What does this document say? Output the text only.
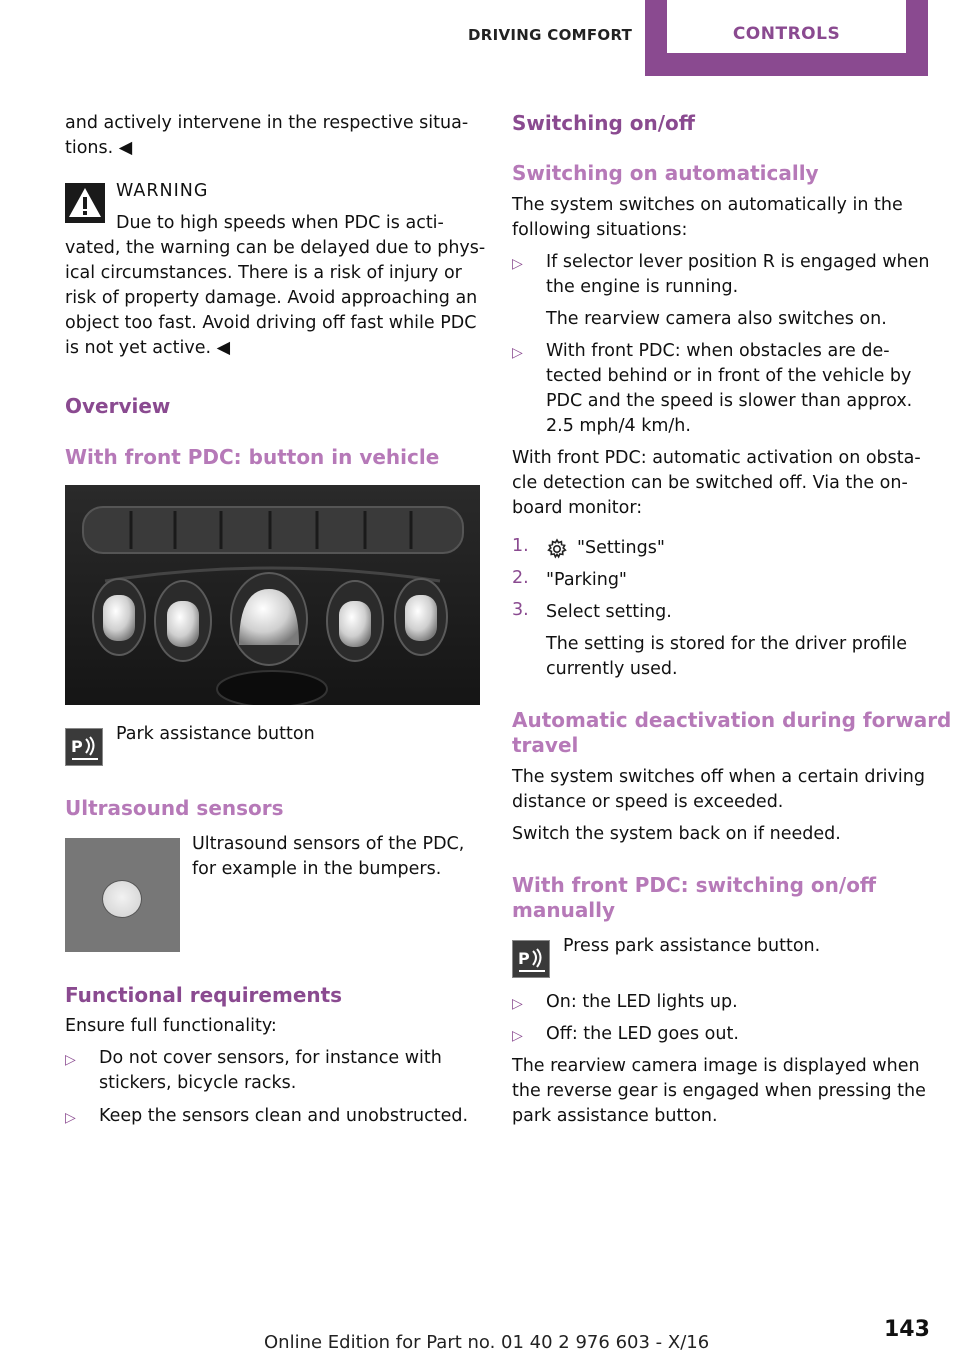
DRIVING COMFORT	CONTROLS
and actively intervene in the respective situa‐
tions. ◀
WARNING
Due to high speeds when PDC is acti‐
vated, the warning can be delayed due to phys‐
ical circumstances. There is a risk of injury or
risk of property damage. Avoid approaching an
object too fast. Avoid driving off fast while PDC
is not yet active. ◀
Overview
With front PDC: button in vehicle
P
Park assistance button
Ultrasound sensors
Ultrasound sensors of the PDC,
for example in the bumpers.
Functional requirements
Ensure full functionality:
▷ Do not cover sensors, for instance with
stickers, bicycle racks.
▷ Keep the sensors clean and unobstructed.
Switching on/off
Switching on automatically
The system switches on automatically in the
following situations:
▷ If selector lever position R is engaged when
the engine is running.
The rearview camera also switches on.
▷ With front PDC: when obstacles are de‐
tected behind or in front of the vehicle by
PDC and the speed is slower than approx.
2.5 mph/4 km/h.
With front PDC: automatic activation on obsta‐
cle detection can be switched off. Via the on‐
board monitor:
1.	"Settings"
2. "Parking"
3. Select setting.
The setting is stored for the driver profile
currently used.
Automatic deactivation during forward
travel
The system switches off when a certain driving
distance or speed is exceeded.
Switch the system back on if needed.
With front PDC: switching on/off
manually
P
Press park assistance button.
▷ On: the LED lights up.
▷ Off: the LED goes out.
The rearview camera image is displayed when
the reverse gear is engaged when pressing the
park assistance button.
Online Edition for Part no. 01 40 2 976 603 - X/16
143
